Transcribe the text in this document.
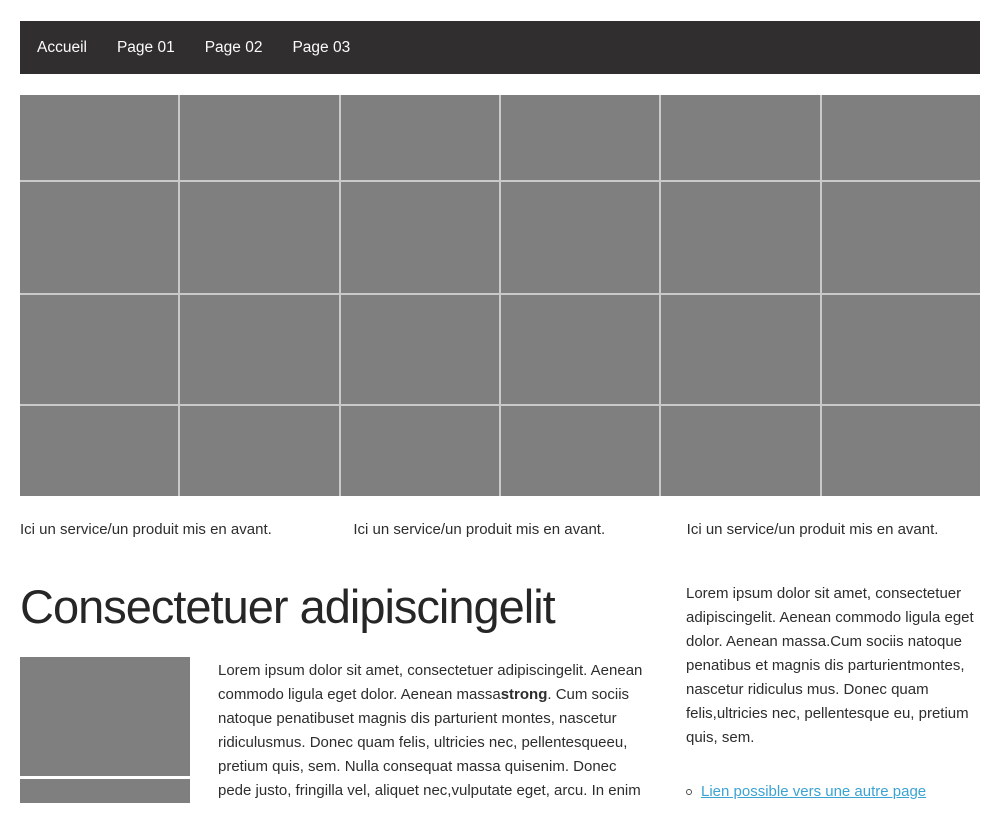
Accueil	Page 01	Page 02	Page 03

Ici un service/un produit mis en avant.	Ici un service/un produit mis en avant.	Ici un service/un produit mis en avant.

Consectetuer adipiscingelit

Lorem ipsum dolor sit amet, consectetuer adipiscingelit. Aenean commodo ligula eget dolor. Aenean massastrong. Cum sociis natoque penatibuset magnis dis parturient montes, nascetur ridiculusmus. Donec quam felis, ultricies nec, pellentesqueeu, pretium quis, sem. Nulla consequat massa quisenim. Donec pede justo, fringilla vel, aliquet nec,vulputate eget, arcu. In enim

Lorem ipsum dolor sit amet, consectetuer adipiscingelit. Aenean commodo ligula eget dolor. Aenean massa.Cum sociis natoque penatibus et magnis dis parturientmontes, nascetur ridiculus mus. Donec quam felis,ultricies nec, pellentesque eu, pretium quis, sem.

Lien possible vers une autre page
